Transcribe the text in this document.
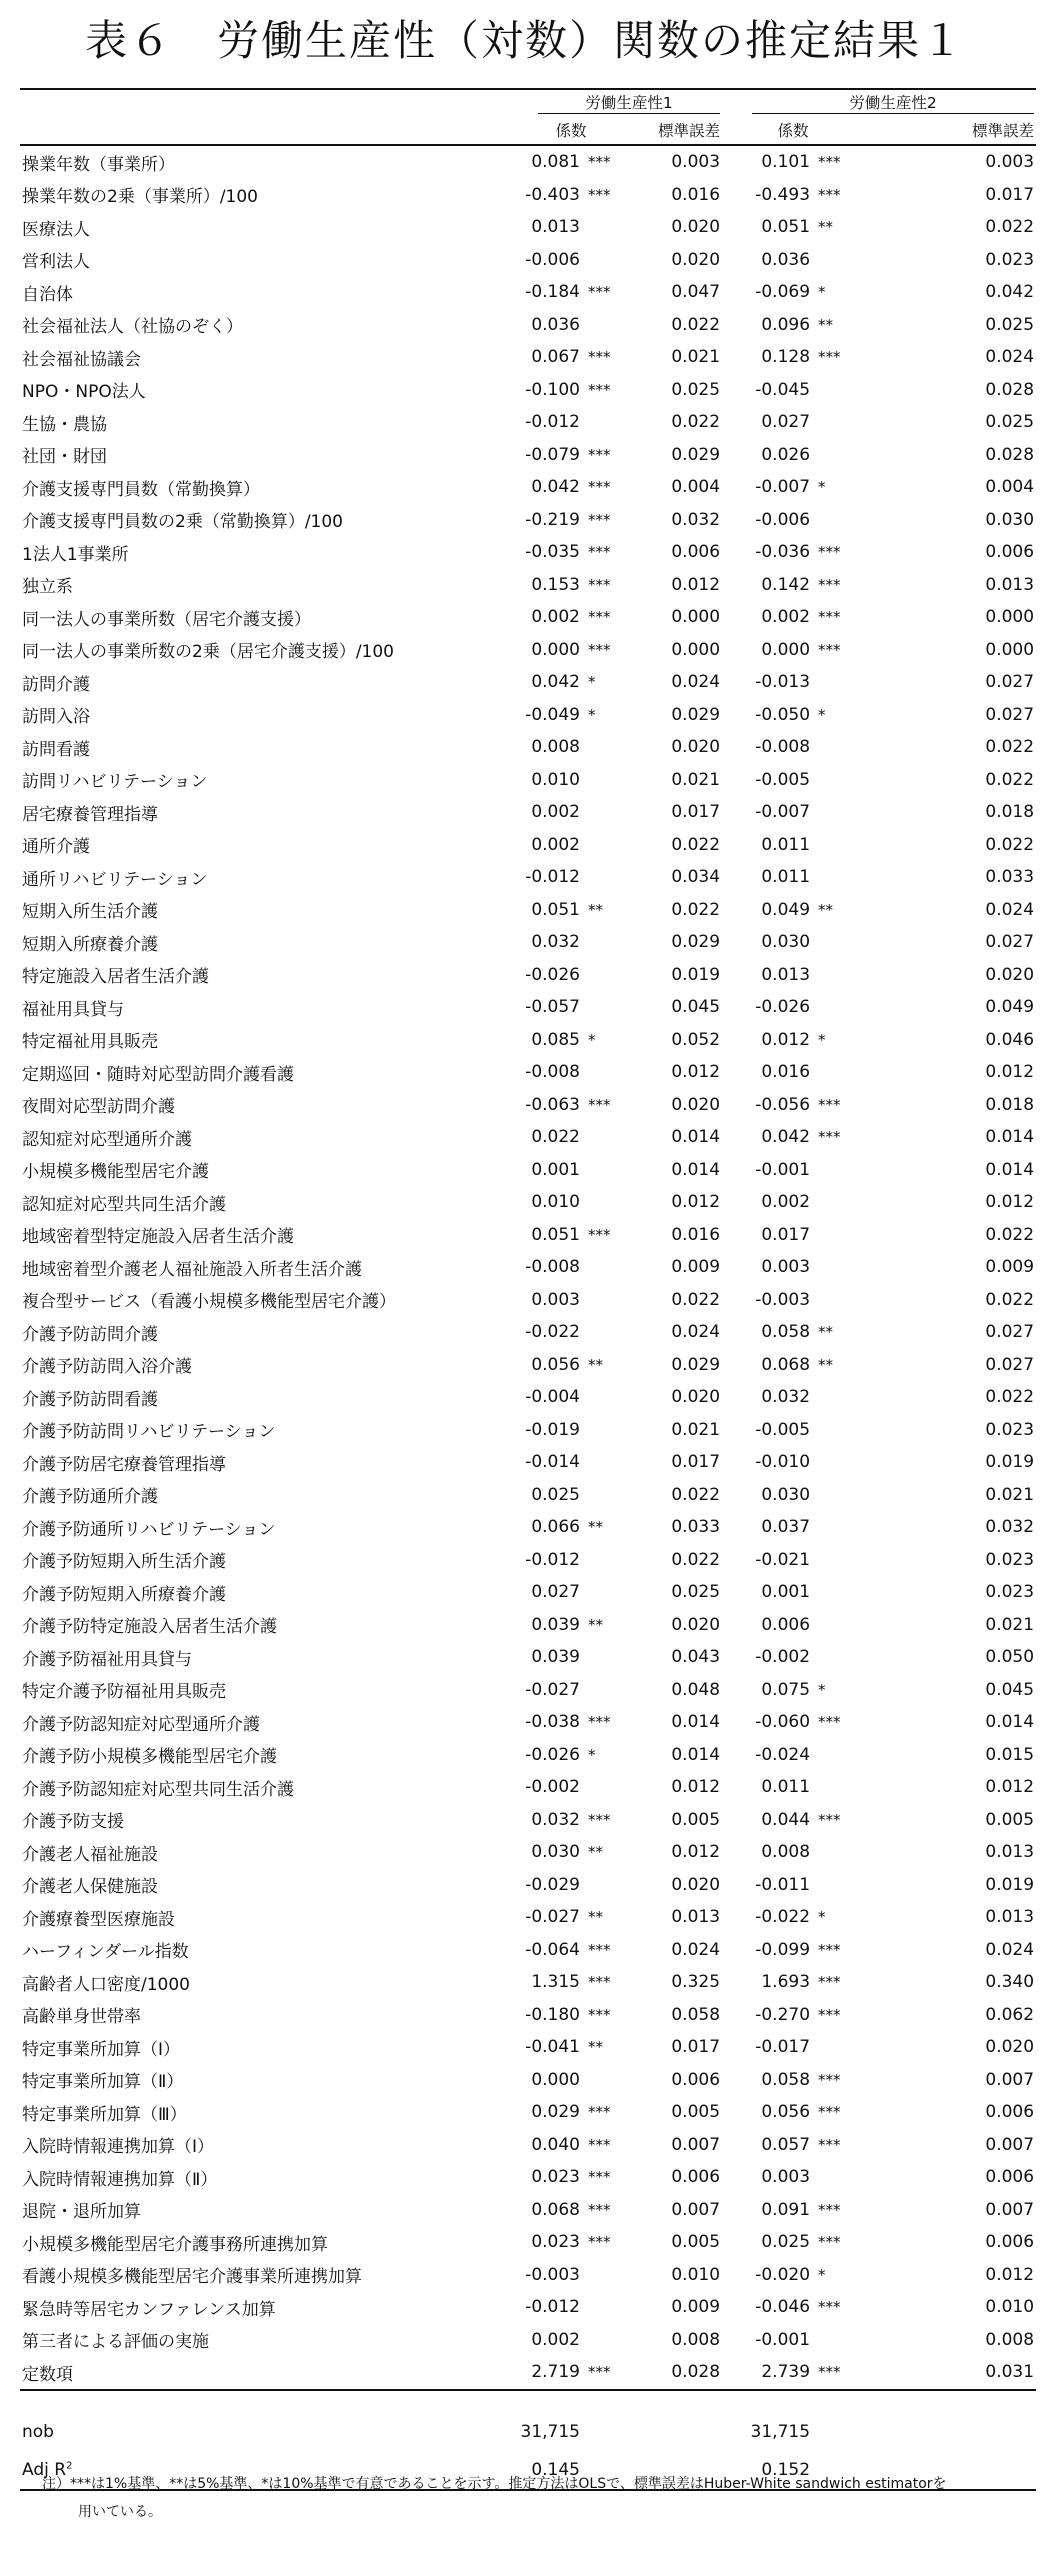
表６　労働生産性（対数）関数の推定結果１

	労働生産性1			労働生産性2		

	係数		標準誤差	係数		標準誤差
操業年数（事業所）	0.081	***	0.003	0.101	***	0.003
操業年数の2乗（事業所）/100	-0.403	***	0.016	-0.493	***	0.017
医療法人	0.013		0.020	0.051	**	0.022
営利法人	-0.006		0.020	0.036		0.023
自治体	-0.184	***	0.047	-0.069	*	0.042
社会福祉法人（社協のぞく）	0.036		0.022	0.096	**	0.025
社会福祉協議会	0.067	***	0.021	0.128	***	0.024
NPO・NPO法人	-0.100	***	0.025	-0.045		0.028
生協・農協	-0.012		0.022	0.027		0.025
社団・財団	-0.079	***	0.029	0.026		0.028
介護支援専門員数（常勤換算）	0.042	***	0.004	-0.007	*	0.004
介護支援専門員数の2乗（常勤換算）/100	-0.219	***	0.032	-0.006		0.030
1法人1事業所	-0.035	***	0.006	-0.036	***	0.006
独立系	0.153	***	0.012	0.142	***	0.013
同一法人の事業所数（居宅介護支援）	0.002	***	0.000	0.002	***	0.000
同一法人の事業所数の2乗（居宅介護支援）/100	0.000	***	0.000	0.000	***	0.000
訪問介護	0.042	*	0.024	-0.013		0.027
訪問入浴	-0.049	*	0.029	-0.050	*	0.027
訪問看護	0.008		0.020	-0.008		0.022
訪問リハビリテーション	0.010		0.021	-0.005		0.022
居宅療養管理指導	0.002		0.017	-0.007		0.018
通所介護	0.002		0.022	0.011		0.022
通所リハビリテーション	-0.012		0.034	0.011		0.033
短期入所生活介護	0.051	**	0.022	0.049	**	0.024
短期入所療養介護	0.032		0.029	0.030		0.027
特定施設入居者生活介護	-0.026		0.019	0.013		0.020
福祉用具貸与	-0.057		0.045	-0.026		0.049
特定福祉用具販売	0.085	*	0.052	0.012	*	0.046
定期巡回・随時対応型訪問介護看護	-0.008		0.012	0.016		0.012
夜間対応型訪問介護	-0.063	***	0.020	-0.056	***	0.018
認知症対応型通所介護	0.022		0.014	0.042	***	0.014
小規模多機能型居宅介護	0.001		0.014	-0.001		0.014
認知症対応型共同生活介護	0.010		0.012	0.002		0.012
地域密着型特定施設入居者生活介護	0.051	***	0.016	0.017		0.022
地域密着型介護老人福祉施設入所者生活介護	-0.008		0.009	0.003		0.009
複合型サービス（看護小規模多機能型居宅介護）	0.003		0.022	-0.003		0.022
介護予防訪問介護	-0.022		0.024	0.058	**	0.027
介護予防訪問入浴介護	0.056	**	0.029	0.068	**	0.027
介護予防訪問看護	-0.004		0.020	0.032		0.022
介護予防訪問リハビリテーション	-0.019		0.021	-0.005		0.023
介護予防居宅療養管理指導	-0.014		0.017	-0.010		0.019
介護予防通所介護	0.025		0.022	0.030		0.021
介護予防通所リハビリテーション	0.066	**	0.033	0.037		0.032
介護予防短期入所生活介護	-0.012		0.022	-0.021		0.023
介護予防短期入所療養介護	0.027		0.025	0.001		0.023
介護予防特定施設入居者生活介護	0.039	**	0.020	0.006		0.021
介護予防福祉用具貸与	0.039		0.043	-0.002		0.050
特定介護予防福祉用具販売	-0.027		0.048	0.075	*	0.045
介護予防認知症対応型通所介護	-0.038	***	0.014	-0.060	***	0.014
介護予防小規模多機能型居宅介護	-0.026	*	0.014	-0.024		0.015
介護予防認知症対応型共同生活介護	-0.002		0.012	0.011		0.012
介護予防支援	0.032	***	0.005	0.044	***	0.005
介護老人福祉施設	0.030	**	0.012	0.008		0.013
介護老人保健施設	-0.029		0.020	-0.011		0.019
介護療養型医療施設	-0.027	**	0.013	-0.022	*	0.013
ハーフィンダール指数	-0.064	***	0.024	-0.099	***	0.024
高齢者人口密度/1000	1.315	***	0.325	1.693	***	0.340
高齢単身世帯率	-0.180	***	0.058	-0.270	***	0.062
特定事業所加算（Ⅰ）	-0.041	**	0.017	-0.017		0.020
特定事業所加算（Ⅱ）	0.000		0.006	0.058	***	0.007
特定事業所加算（Ⅲ）	0.029	***	0.005	0.056	***	0.006
入院時情報連携加算（Ⅰ）	0.040	***	0.007	0.057	***	0.007
入院時情報連携加算（Ⅱ）	0.023	***	0.006	0.003		0.006
退院・退所加算	0.068	***	0.007	0.091	***	0.007
小規模多機能型居宅介護事務所連携加算	0.023	***	0.005	0.025	***	0.006
看護小規模多機能型居宅介護事業所連携加算	-0.003		0.010	-0.020	*	0.012
緊急時等居宅カンファレンス加算	-0.012		0.009	-0.046	***	0.010
第三者による評価の実施	0.002		0.008	-0.001		0.008
定数項	2.719	***	0.028	2.739	***	0.031

nob	31,715			31,715		
Adj $R^2$	0.145			0.152		
注）***は1%基準、**は5%基準、*は10%基準で有意であることを示す。推定方法はOLSで、標準誤差はHuber-White sandwich estimatorを
用いている。
